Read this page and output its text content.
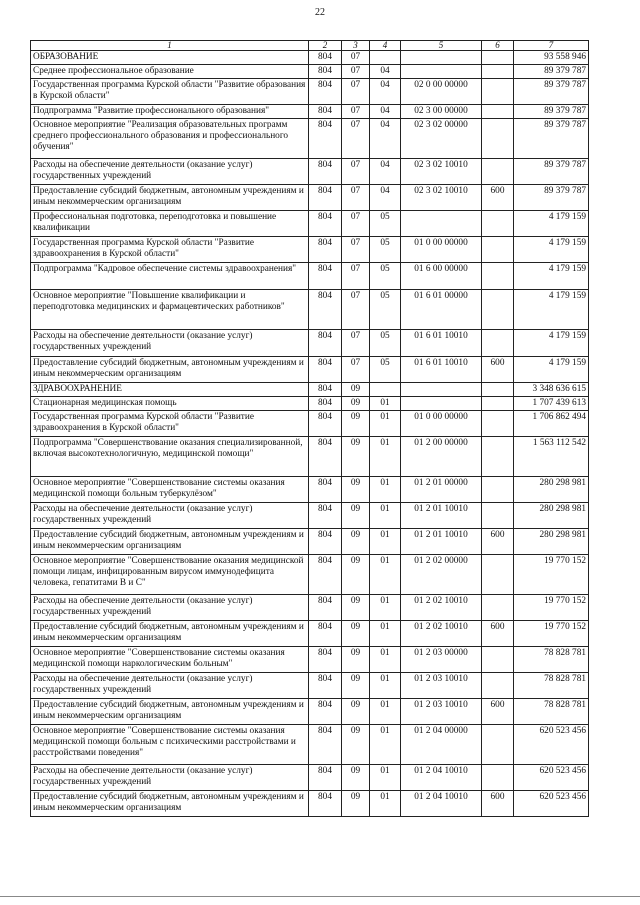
22
1	2	3	4	5	6	7
ОБРАЗОВАНИЕ	804	07				93 558 946
Среднее профессиональное образование	804	07	04			89 379 787
Государственная программа Курской области "Развитие образования в Курской области"	804	07	04	02 0 00 00000		89 379 787
Подпрограмма "Развитие профессионального образования"	804	07	04	02 3 00 00000		89 379 787
Основное мероприятие "Реализация образовательных программ среднего профессионального образования и профессионального обучения"	804	07	04	02 3 02 00000		89 379 787
Расходы на обеспечение деятельности (оказание услуг) государственных учреждений	804	07	04	02 3 02 10010		89 379 787
Предоставление субсидий бюджетным, автономным учреждениям и иным некоммерческим организациям	804	07	04	02 3 02 10010	600	89 379 787
Профессиональная подготовка, переподготовка и повышение квалификации	804	07	05			4 179 159
Государственная программа Курской области "Развитие здравоохранения в Курской области"	804	07	05	01 0 00 00000		4 179 159
Подпрограмма "Кадровое обеспечение системы здравоохранения"	804	07	05	01 6 00 00000		4 179 159
Основное мероприятие "Повышение квалификации и переподготовка медицинских и фармацевтических работников"	804	07	05	01 6 01 00000		4 179 159
Расходы на обеспечение деятельности (оказание услуг) государственных учреждений	804	07	05	01 6 01 10010		4 179 159
Предоставление субсидий бюджетным, автономным учреждениям и иным некоммерческим организациям	804	07	05	01 6 01 10010	600	4 179 159
ЗДРАВООХРАНЕНИЕ	804	09				3 348 636 615
Стационарная медицинская помощь	804	09	01			1 707 439 613
Государственная программа Курской области "Развитие здравоохранения в Курской области"	804	09	01	01 0 00 00000		1 706 862 494
Подпрограмма "Совершенствование оказания специализированной, включая высокотехнологичную, медицинской помощи"	804	09	01	01 2 00 00000		1 563 112 542
Основное мероприятие "Совершенствование системы оказания медицинской помощи больным туберкулёзом"	804	09	01	01 2 01 00000		280 298 981
Расходы на обеспечение деятельности (оказание услуг) государственных учреждений	804	09	01	01 2 01 10010		280 298 981
Предоставление субсидий бюджетным, автономным учреждениям и иным некоммерческим организациям	804	09	01	01 2 01 10010	600	280 298 981
Основное мероприятие "Совершенствование оказания медицинской помощи лицам, инфицированным вирусом иммунодефицита человека, гепатитами В и С"	804	09	01	01 2 02 00000		19 770 152
Расходы на обеспечение деятельности (оказание услуг) государственных учреждений	804	09	01	01 2 02 10010		19 770 152
Предоставление субсидий бюджетным, автономным учреждениям и иным некоммерческим организациям	804	09	01	01 2 02 10010	600	19 770 152
Основное мероприятие "Совершенствование системы оказания медицинской помощи наркологическим больным"	804	09	01	01 2 03 00000		78 828 781
Расходы на обеспечение деятельности (оказание услуг) государственных учреждений	804	09	01	01 2 03 10010		78 828 781
Предоставление субсидий бюджетным, автономным учреждениям и иным некоммерческим организациям	804	09	01	01 2 03 10010	600	78 828 781
Основное мероприятие "Совершенствование системы оказания медицинской помощи больным с психическими расстройствами и расстройствами поведения"	804	09	01	01 2 04 00000		620 523 456
Расходы на обеспечение деятельности (оказание услуг) государственных учреждений	804	09	01	01 2 04 10010		620 523 456
Предоставление субсидий бюджетным, автономным учреждениям и иным некоммерческим организациям	804	09	01	01 2 04 10010	600	620 523 456
